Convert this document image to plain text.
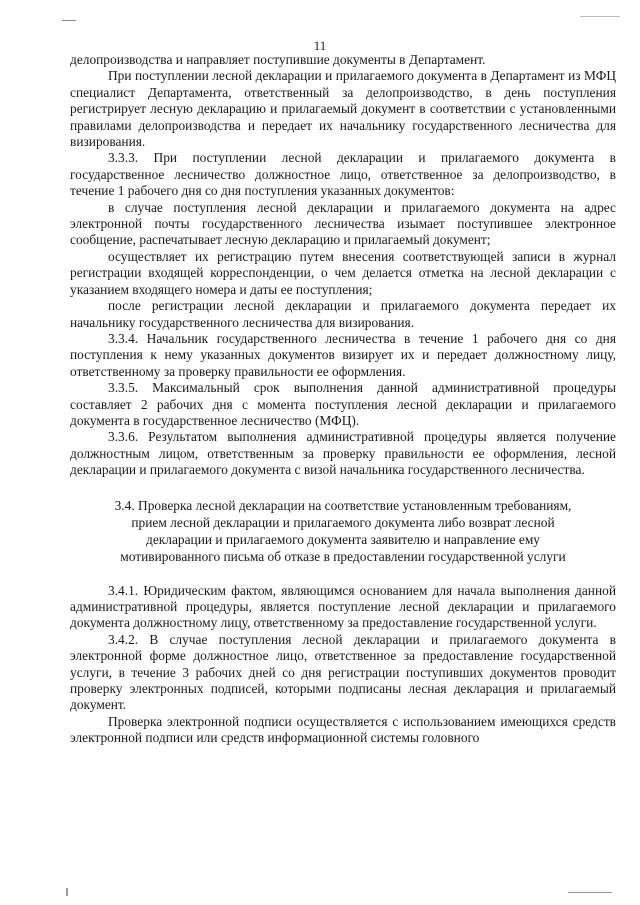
11

делопроизводства и направляет поступившие документы в Департамент.

При поступлении лесной декларации и прилагаемого документа в Департамент из МФЦ специалист Департамента, ответственный за делопроизводство, в день поступления регистрирует лесную декларацию и прилагаемый документ в соответствии с установленными правилами делопроизводства и передает их начальнику государственного лесничества для визирования.

3.3.3. При поступлении лесной декларации и прилагаемого документа в государственное лесничество должностное лицо, ответственное за делопроизводство, в течение 1 рабочего дня со дня поступления указанных документов:

в случае поступления лесной декларации и прилагаемого документа на адрес электронной почты государственного лесничества изымает поступившее электронное сообщение, распечатывает лесную декларацию и прилагаемый документ;

осуществляет их регистрацию путем внесения соответствующей записи в журнал регистрации входящей корреспонденции, о чем делается отметка на лесной декларации с указанием входящего номера и даты ее поступления;

после регистрации лесной декларации и прилагаемого документа передает их начальнику государственного лесничества для визирования.

3.3.4. Начальник государственного лесничества в течение 1 рабочего дня со дня поступления к нему указанных документов визирует их и передает должностному лицу, ответственному за проверку правильности ее оформления.

3.3.5. Максимальный срок выполнения данной административной процедуры составляет 2 рабочих дня с момента поступления лесной декларации и прилагаемого документа в государственное лесничество (МФЦ).

3.3.6. Результатом выполнения административной процедуры является получение должностным лицом, ответственным за проверку правильности ее оформления, лесной декларации и прилагаемого документа с визой начальника государственного лесничества.

3.4. Проверка лесной декларации на соответствие установленным требованиям,
прием лесной декларации и прилагаемого документа либо возврат лесной
декларации и прилагаемого документа заявителю и направление ему
мотивированного письма об отказе в предоставлении государственной услуги

3.4.1. Юридическим фактом, являющимся основанием для начала выполнения данной административной процедуры, является поступление лесной декларации и прилагаемого документа должностному лицу, ответственному за предоставление государственной услуги.

3.4.2. В случае поступления лесной декларации и прилагаемого документа в электронной форме должностное лицо, ответственное за предоставление государственной услуги, в течение 3 рабочих дней со дня регистрации поступивших документов проводит проверку электронных подписей, которыми подписаны лесная декларация и прилагаемый документ.

Проверка электронной подписи осуществляется с использованием имеющихся средств электронной подписи или средств информационной системы головного
